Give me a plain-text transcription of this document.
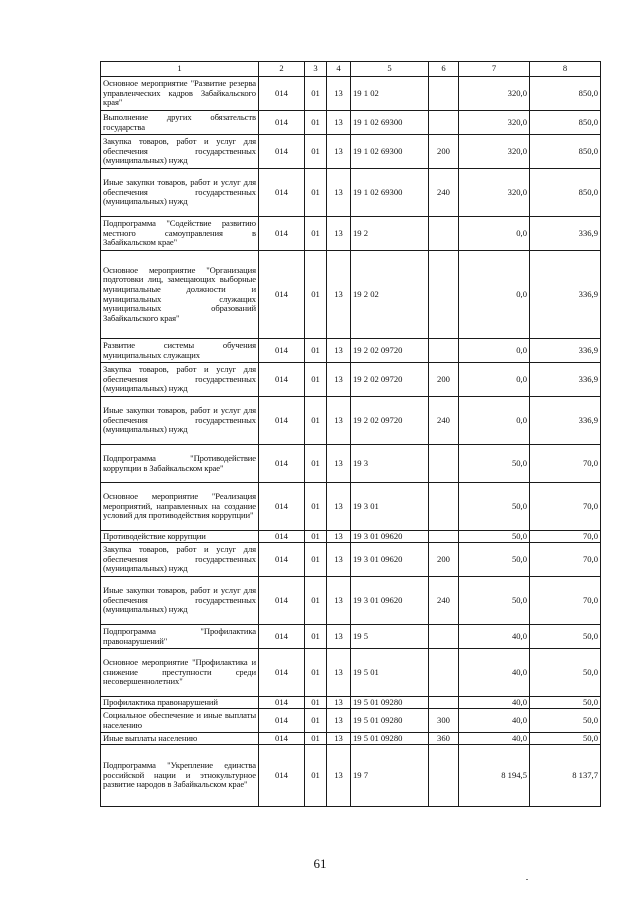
1	2	3	4	5	6	7	8
Основное мероприятие "Развитие резерва управленческих кадров Забайкальского края"	014	01	13	19 1 02		320,0	850,0
Выполнение других обязательств государства	014	01	13	19 1 02 69300		320,0	850,0
Закупка товаров, работ и услуг для обеспечения государственных (муниципальных) нужд	014	01	13	19 1 02 69300	200	320,0	850,0
Иные закупки товаров, работ и услуг для обеспечения государственных (муниципальных) нужд	014	01	13	19 1 02 69300	240	320,0	850,0
Подпрограмма "Содействие развитию местного самоуправления в Забайкальском крае"	014	01	13	19 2		0,0	336,9
Основное мероприятие "Организация подготовки лиц, замещающих выборные муниципальные должности и муниципальных служащих муниципальных образований Забайкальского края"	014	01	13	19 2 02		0,0	336,9
Развитие системы обучения муниципальных служащих	014	01	13	19 2 02 09720		0,0	336,9
Закупка товаров, работ и услуг для обеспечения государственных (муниципальных) нужд	014	01	13	19 2 02 09720	200	0,0	336,9
Иные закупки товаров, работ и услуг для обеспечения государственных (муниципальных) нужд	014	01	13	19 2 02 09720	240	0,0	336,9
Подпрограмма "Противодействие коррупции в Забайкальском крае"	014	01	13	19 3		50,0	70,0
Основное мероприятие "Реализация мероприятий, направленных на создание условий для противодействия коррупции"	014	01	13	19 3 01		50,0	70,0
Противодействие коррупции	014	01	13	19 3 01 09620		50,0	70,0
Закупка товаров, работ и услуг для обеспечения государственных (муниципальных) нужд	014	01	13	19 3 01 09620	200	50,0	70,0
Иные закупки товаров, работ и услуг для обеспечения государственных (муниципальных) нужд	014	01	13	19 3 01 09620	240	50,0	70,0
Подпрограмма "Профилактика правонарушений"	014	01	13	19 5		40,0	50,0
Основное мероприятие "Профилактика и снижение преступности среди несовершеннолетних"	014	01	13	19 5 01		40,0	50,0
Профилактика правонарушений	014	01	13	19 5 01 09280		40,0	50,0
Социальное обеспечение и иные выплаты населению	014	01	13	19 5 01 09280	300	40,0	50,0
Иные выплаты населению	014	01	13	19 5 01 09280	360	40,0	50,0
Подпрограмма "Укрепление единства российской нации и этнокультурное развитие народов в Забайкальском крае"	014	01	13	19 7		8 194,5	8 137,7
61
